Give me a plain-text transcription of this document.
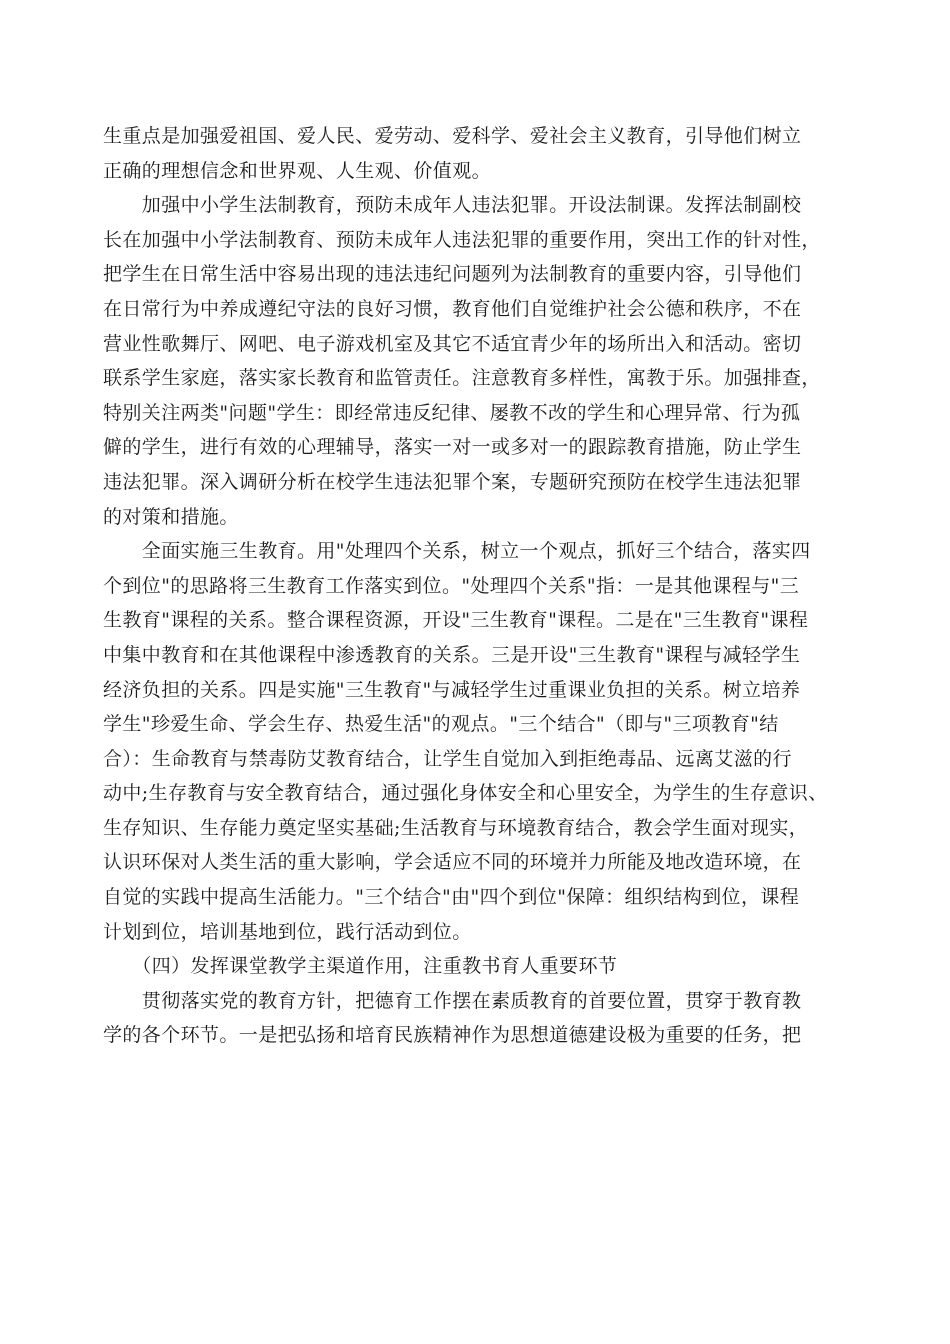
生重点是加强爱祖国、爱人民、爱劳动、爱科学、爱社会主义教育，引导他们树立
正确的理想信念和世界观、人生观、价值观。
　　加强中小学生法制教育，预防未成年人违法犯罪。开设法制课。发挥法制副校
长在加强中小学法制教育、预防未成年人违法犯罪的重要作用，突出工作的针对性，
把学生在日常生活中容易出现的违法违纪问题列为法制教育的重要内容，引导他们
在日常行为中养成遵纪守法的良好习惯，教育他们自觉维护社会公德和秩序，不在
营业性歌舞厅、网吧、电子游戏机室及其它不适宜青少年的场所出入和活动。密切
联系学生家庭，落实家长教育和监管责任。注意教育多样性，寓教于乐。加强排查，
特别关注两类"问题"学生：即经常违反纪律、屡教不改的学生和心理异常、行为孤
僻的学生，进行有效的心理辅导，落实一对一或多对一的跟踪教育措施，防止学生
违法犯罪。深入调研分析在校学生违法犯罪个案，专题研究预防在校学生违法犯罪
的对策和措施。
　　全面实施三生教育。用"处理四个关系，树立一个观点，抓好三个结合，落实四
个到位"的思路将三生教育工作落实到位。"处理四个关系"指：一是其他课程与"三
生教育"课程的关系。整合课程资源，开设"三生教育"课程。二是在"三生教育"课程
中集中教育和在其他课程中渗透教育的关系。三是开设"三生教育"课程与减轻学生
经济负担的关系。四是实施"三生教育"与减轻学生过重课业负担的关系。树立培养
学生"珍爱生命、学会生存、热爱生活"的观点。"三个结合"（即与"三项教育"结
合）：生命教育与禁毒防艾教育结合，让学生自觉加入到拒绝毒品、远离艾滋的行
动中;生存教育与安全教育结合，通过强化身体安全和心里安全，为学生的生存意识、
生存知识、生存能力奠定坚实基础;生活教育与环境教育结合，教会学生面对现实，
认识环保对人类生活的重大影响，学会适应不同的环境并力所能及地改造环境，在
自觉的实践中提高生活能力。"三个结合"由"四个到位"保障：组织结构到位，课程
计划到位，培训基地到位，践行活动到位。
　　（四）发挥课堂教学主渠道作用，注重教书育人重要环节
　　贯彻落实党的教育方针，把德育工作摆在素质教育的首要位置，贯穿于教育教
学的各个环节。一是把弘扬和培育民族精神作为思想道德建设极为重要的任务，把
